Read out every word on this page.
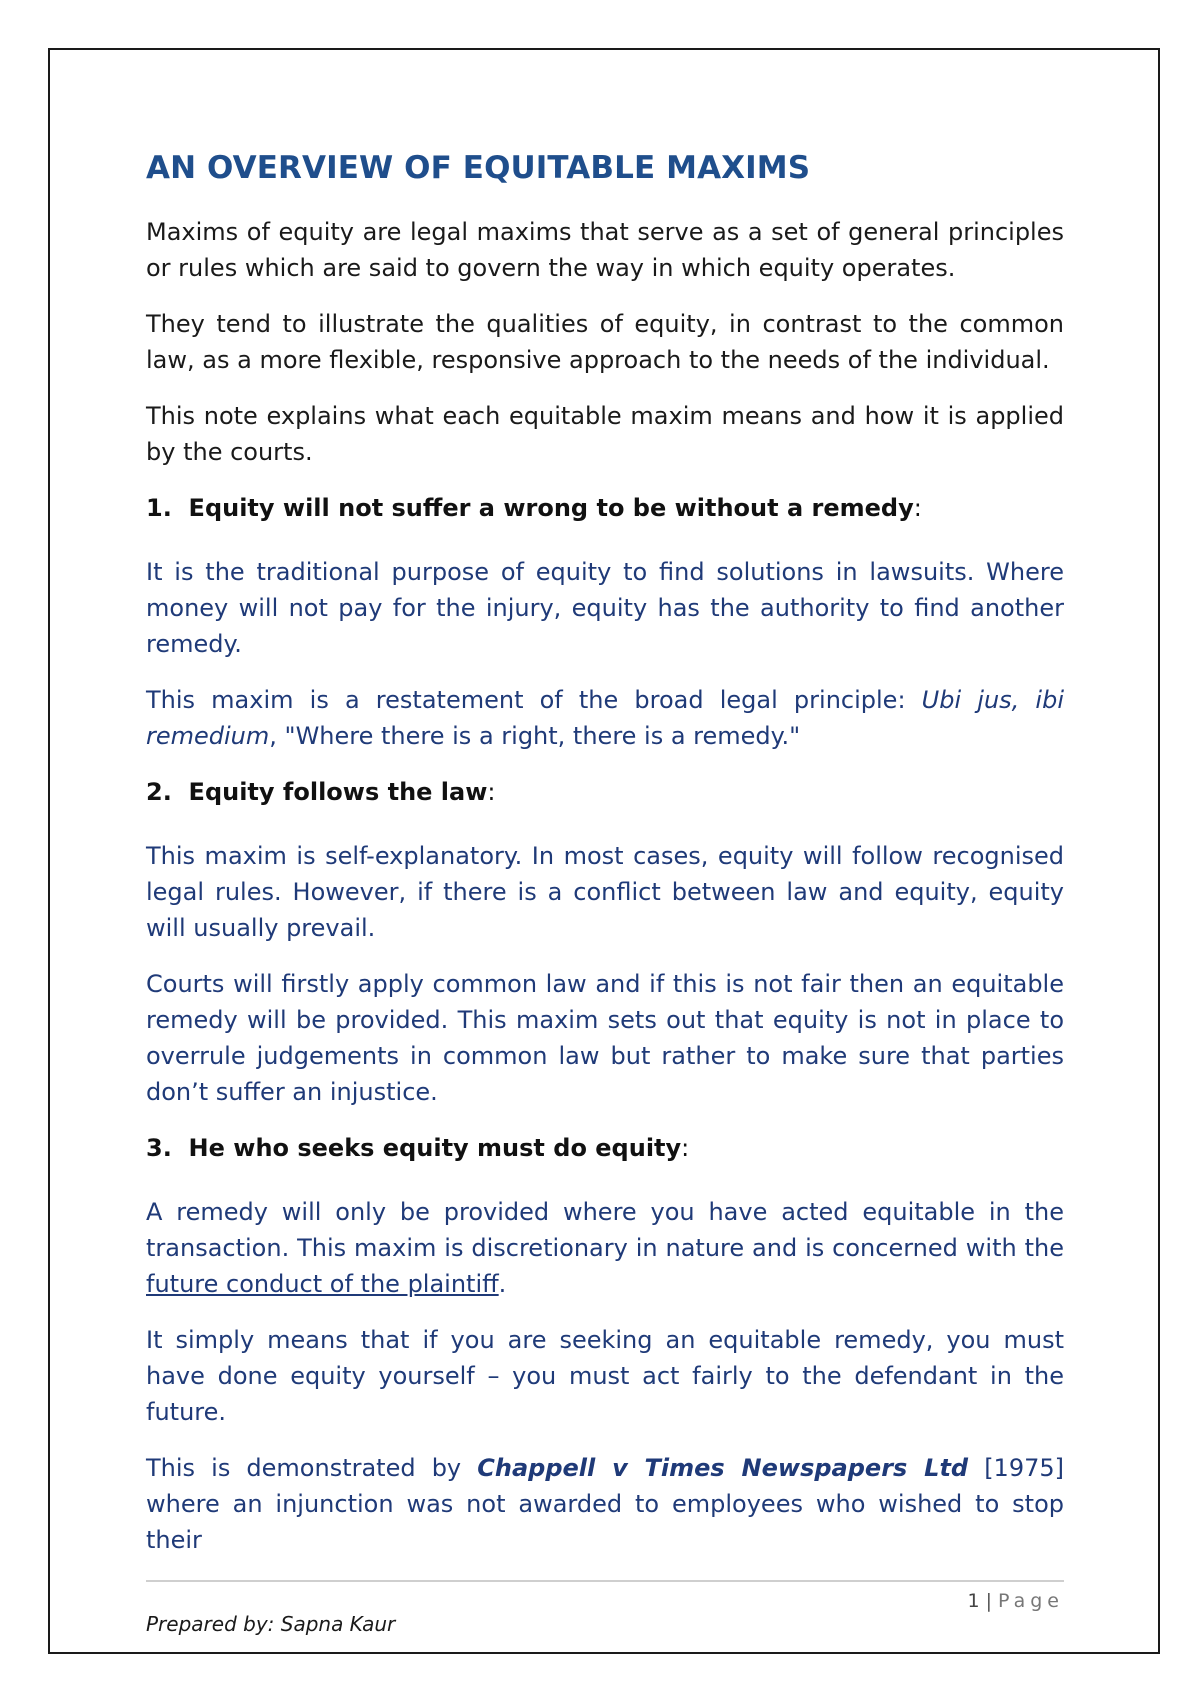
AN OVERVIEW OF EQUITABLE MAXIMS

Maxims of equity are legal maxims that serve as a set of general principles or rules which are said to govern the way in which equity operates.

They tend to illustrate the qualities of equity, in contrast to the common law, as a more flexible, responsive approach to the needs of the individual.

This note explains what each equitable maxim means and how it is applied by the courts.

1. Equity will not suffer a wrong to be without a remedy:

It is the traditional purpose of equity to find solutions in lawsuits. Where money will not pay for the injury, equity has the authority to find another remedy.

This maxim is a restatement of the broad legal principle: Ubi jus, ibi remedium, "Where there is a right, there is a remedy."

2. Equity follows the law:

This maxim is self-explanatory. In most cases, equity will follow recognised legal rules. However, if there is a conflict between law and equity, equity will usually prevail.

Courts will firstly apply common law and if this is not fair then an equitable remedy will be provided. This maxim sets out that equity is not in place to overrule judgements in common law but rather to make sure that parties don’t suffer an injustice.

3. He who seeks equity must do equity:

A remedy will only be provided where you have acted equitable in the transaction. This maxim is discretionary in nature and is concerned with the future conduct of the plaintiff.

It simply means that if you are seeking an equitable remedy, you must have done equity yourself – you must act fairly to the defendant in the future.

This is demonstrated by Chappell v Times Newspapers Ltd [1975] where an injunction was not awarded to employees who wished to stop their

1 | Page
Prepared by: Sapna Kaur
